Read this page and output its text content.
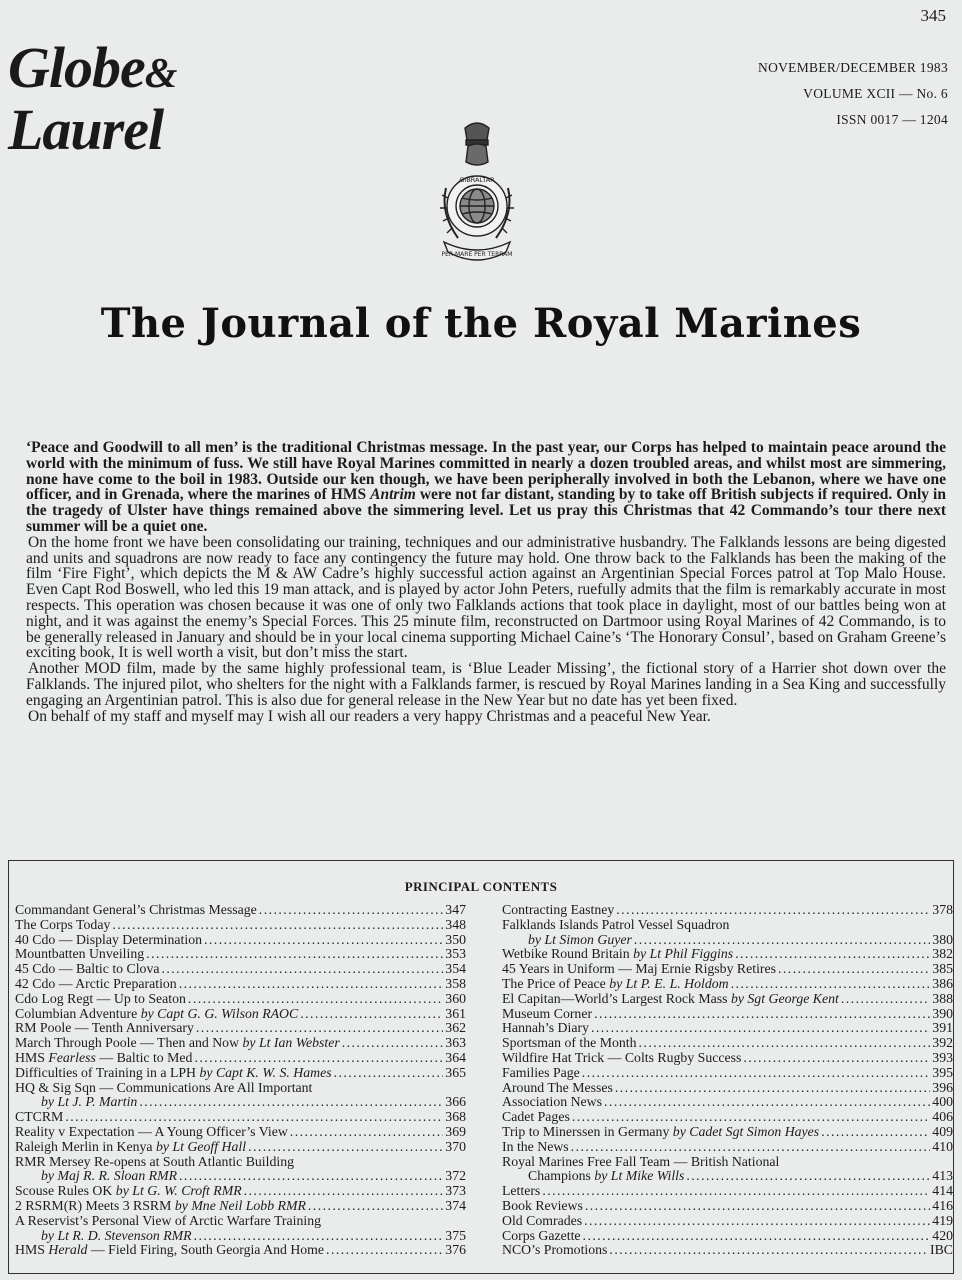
345
Globe&
Laurel
NOVEMBER/DECEMBER 1983
VOLUME XCII — No. 6
ISSN 0017 — 1204
GIBRALTAR
PER MARE PER TERRAM
The Journal of the Royal Marines

‘Peace and Goodwill to all men’ is the traditional Christmas message. In the past year, our Corps has helped to maintain peace around the world with the minimum of fuss. We still have Royal Marines committed in nearly a dozen troubled areas, and whilst most are simmering, none have come to the boil in 1983. Outside our ken though, we have been peripherally involved in both the Lebanon, where we have one officer, and in Grenada, where the marines of HMS Antrim were not far distant, standing by to take off British subjects if required. Only in the tragedy of Ulster have things remained above the simmering level. Let us pray this Christmas that 42 Commando’s tour there next summer will be a quiet one.

On the home front we have been consolidating our training, techniques and our administrative husbandry. The Falklands lessons are being digested and units and squadrons are now ready to face any contingency the future may hold. One throw back to the Falklands has been the making of the film ‘Fire Fight’, which depicts the M & AW Cadre’s highly successful action against an Argentinian Special Forces patrol at Top Malo House. Even Capt Rod Boswell, who led this 19 man attack, and is played by actor John Peters, ruefully admits that the film is remarkably accurate in most respects. This operation was chosen because it was one of only two Falklands actions that took place in daylight, most of our battles being won at night, and it was against the enemy’s Special Forces. This 25 minute film, reconstructed on Dartmoor using Royal Marines of 42 Commando, is to be generally released in January and should be in your local cinema supporting Michael Caine’s ‘The Honorary Consul’, based on Graham Greene’s exciting book, It is well worth a visit, but don’t miss the start.

Another MOD film, made by the same highly professional team, is ‘Blue Leader Missing’, the fictional story of a Harrier shot down over the Falklands. The injured pilot, who shelters for the night with a Falklands farmer, is rescued by Royal Marines landing in a Sea King and successfully engaging an Argentinian patrol. This is also due for general release in the New Year but no date has yet been fixed.

On behalf of my staff and myself may I wish all our readers a very happy Christmas and a peaceful New Year.

PRINCIPAL CONTENTS
Commandant General’s Christmas Message . . .	347
The Corps Today . . .	348
40 Cdo — Display Determination . . .	350
Mountbatten Unveiling . . .	353
45 Cdo — Baltic to Clova . . .	354
42 Cdo — Arctic Preparation . . .	358
Cdo Log Regt — Up to Seaton . . .	360
Columbian Adventure by Capt G. G. Wilson RAOC . . .	361
RM Poole — Tenth Anniversary . . .	362
March Through Poole — Then and Now by Lt Ian Webster . . .	363
HMS Fearless — Baltic to Med . . .	364
Difficulties of Training in a LPH by Capt K. W. S. Hames . . .	365
HQ & Sig Sqn — Communications Are All Important
by Lt J. P. Martin . . .	366
CTCRM . . .	368
Reality v Expectation — A Young Officer’s View . . .	369
Raleigh Merlin in Kenya by Lt Geoff Hall . . .	370
RMR Mersey Re-opens at South Atlantic Building
by Maj R. R. Sloan RMR . . .	372
Scouse Rules OK by Lt G. W. Croft RMR . . .	373
2 RSRM(R) Meets 3 RSRM by Mne Neil Lobb RMR . . .	374
A Reservist’s Personal View of Arctic Warfare Training
by Lt R. D. Stevenson RMR . . .	375
HMS Herald — Field Firing, South Georgia And Home . . .	376
Contracting Eastney . . .	378
Falklands Islands Patrol Vessel Squadron
by Lt Simon Guyer . . .	380
Wetbike Round Britain by Lt Phil Figgins . . .	382
45 Years in Uniform — Maj Ernie Rigsby Retires . . .	385
The Price of Peace by Lt P. E. L. Holdom . . .	386
El Capitan—World’s Largest Rock Mass by Sgt George Kent . . .	388
Museum Corner . . .	390
Hannah’s Diary . . .	391
Sportsman of the Month . . .	392
Wildfire Hat Trick — Colts Rugby Success . . .	393
Families Page . . .	395
Around The Messes . . .	396
Association News . . .	400
Cadet Pages . . .	406
Trip to Minerssen in Germany by Cadet Sgt Simon Hayes . . .	409
In the News . . .	410
Royal Marines Free Fall Team — British National
Champions by Lt Mike Wills . . .	413
Letters . . .	414
Book Reviews . . .	416
Old Comrades . . .	419
Corps Gazette . . .	420
NCO’s Promotions . . .	IBC
